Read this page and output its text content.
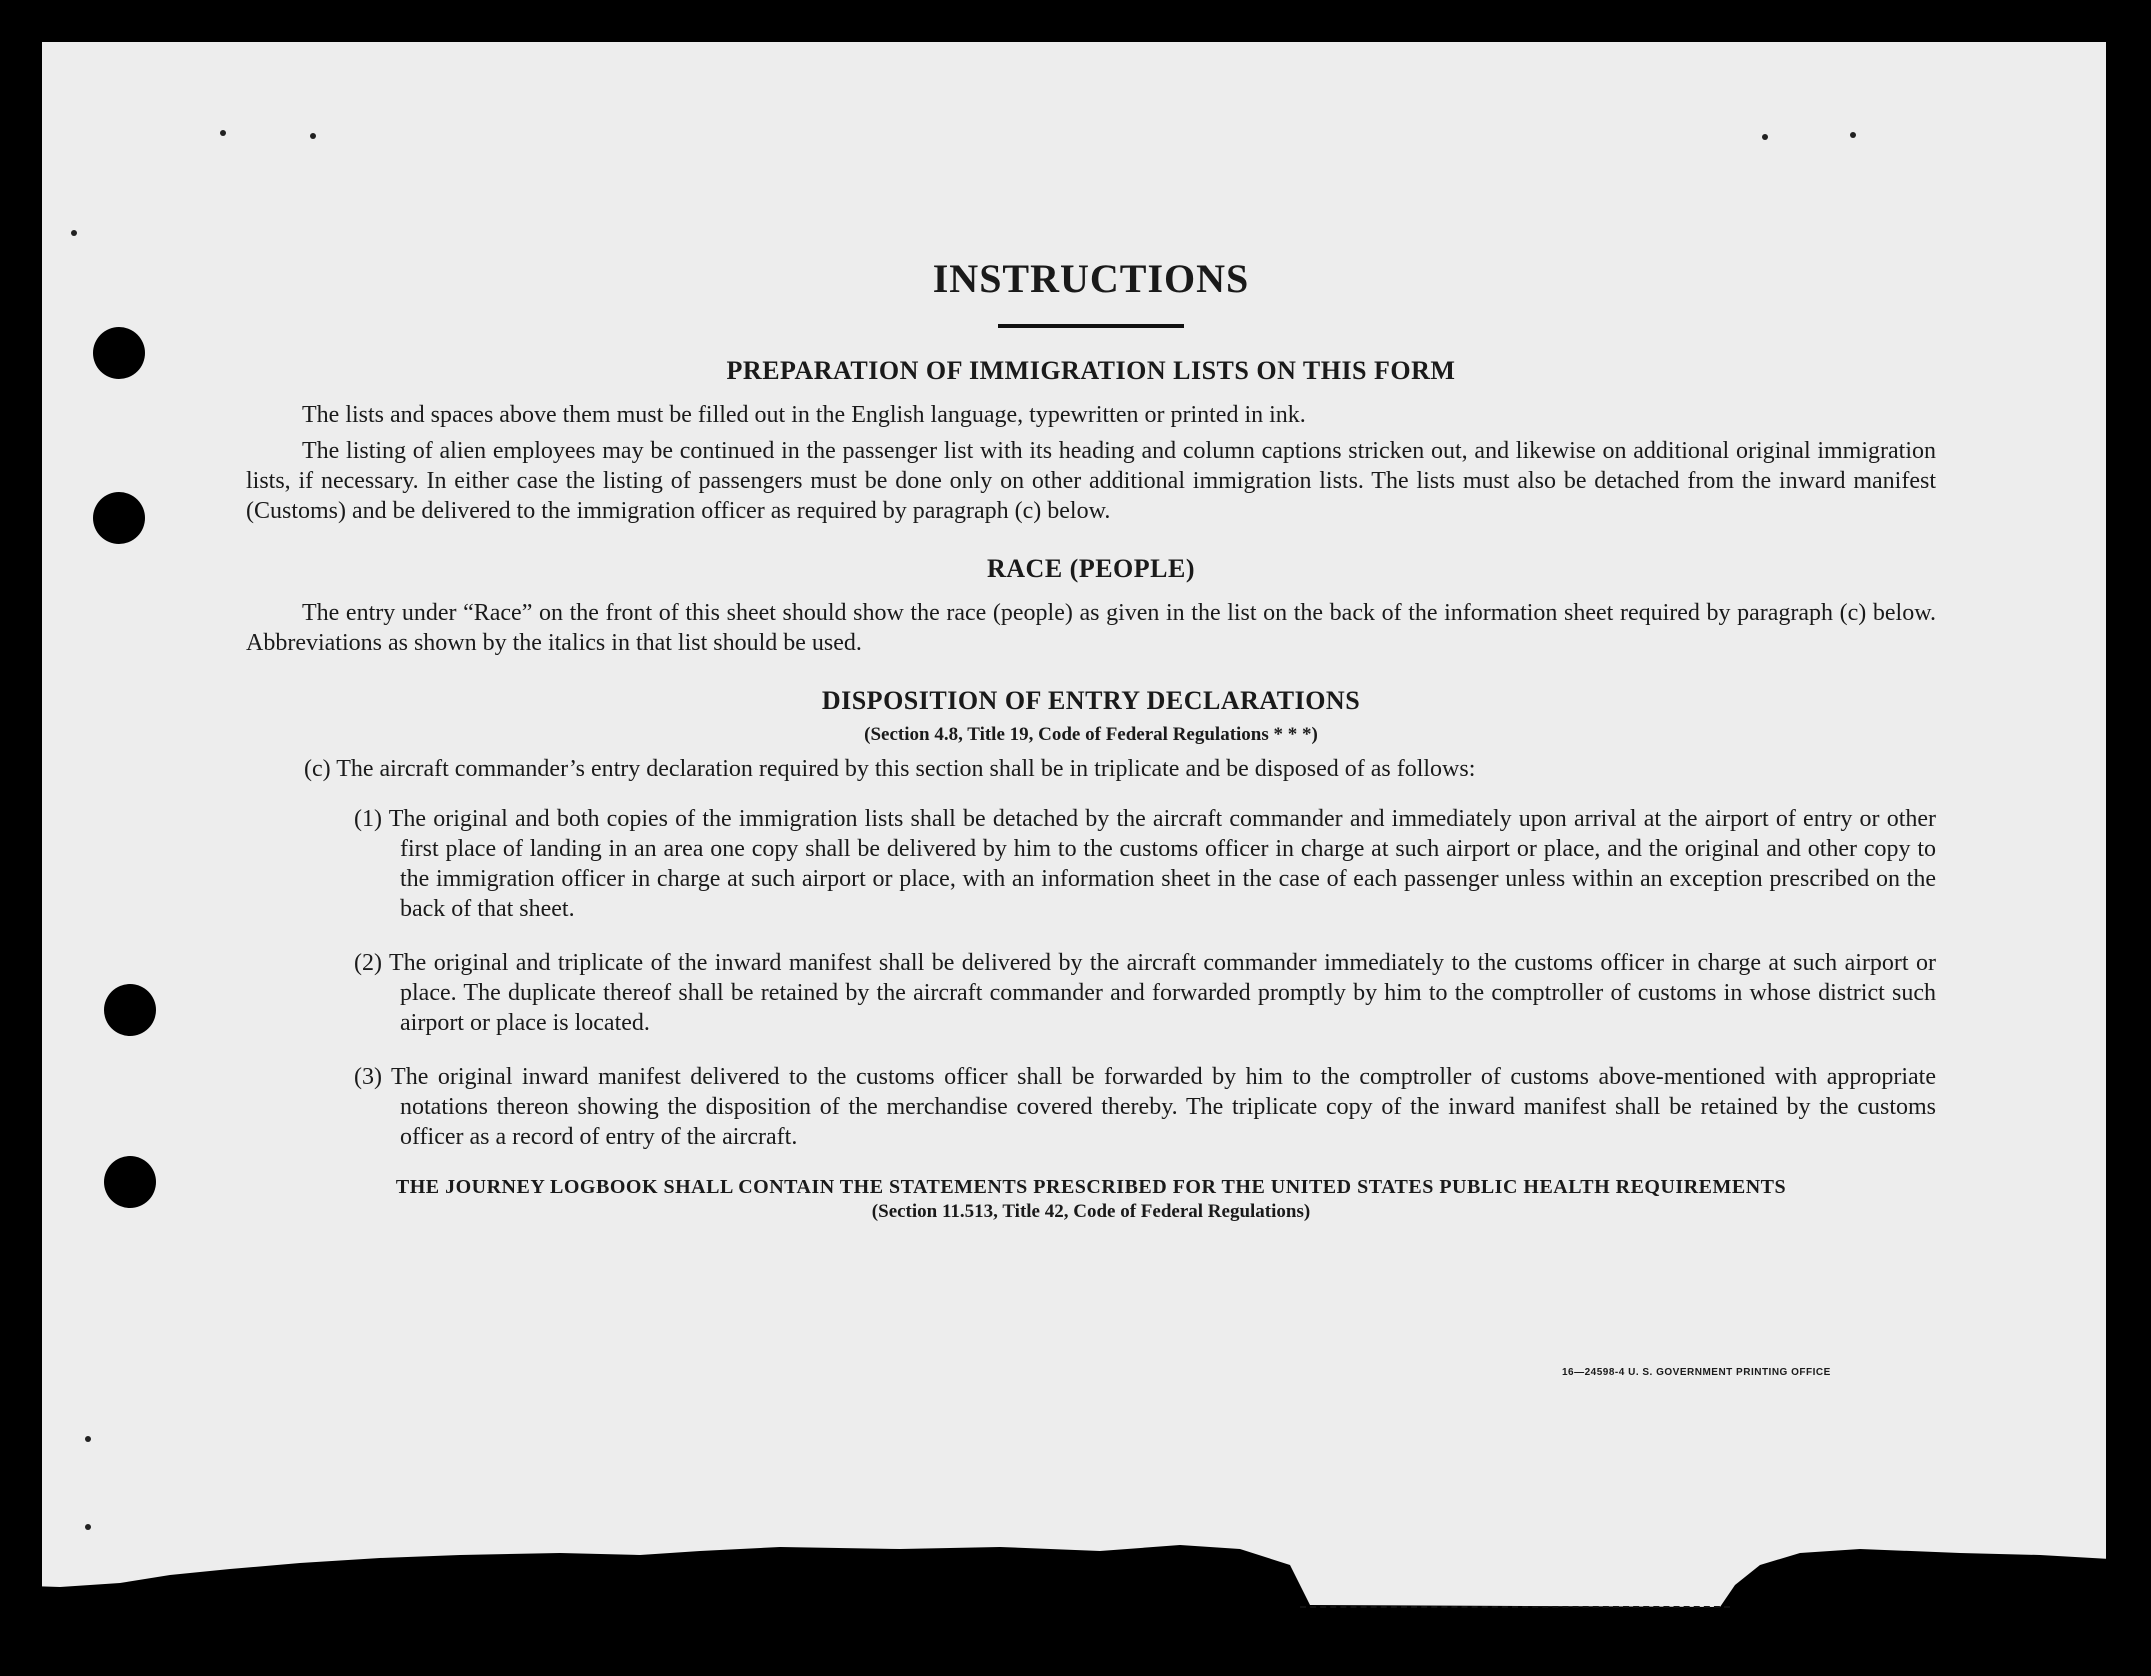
INSTRUCTIONS
PREPARATION OF IMMIGRATION LISTS ON THIS FORM

The lists and spaces above them must be filled out in the English language, typewritten or printed in ink.

The listing of alien employees may be continued in the passenger list with its heading and column captions stricken out, and likewise on additional original immigration lists, if necessary. In either case the listing of passengers must be done only on other additional immigration lists. The lists must also be detached from the inward manifest (Customs) and be delivered to the immigration officer as required by paragraph (c) below.

RACE (PEOPLE)

The entry under “Race” on the front of this sheet should show the race (people) as given in the list on the back of the information sheet required by paragraph (c) below. Abbreviations as shown by the italics in that list should be used.

DISPOSITION OF ENTRY DECLARATIONS

(Section 4.8, Title 19, Code of Federal Regulations * * *)

(c) The aircraft commander’s entry declaration required by this section shall be in triplicate and be disposed of as follows:

(1) The original and both copies of the immigration lists shall be detached by the aircraft commander and immediately upon arrival at the airport of entry or other first place of landing in an area one copy shall be delivered by him to the customs officer in charge at such airport or place, and the original and other copy to the immigration officer in charge at such airport or place, with an information sheet in the case of each passenger unless within an exception prescribed on the back of that sheet.

(2) The original and triplicate of the inward manifest shall be delivered by the aircraft commander immediately to the customs officer in charge at such airport or place. The duplicate thereof shall be retained by the aircraft commander and forwarded promptly by him to the comptroller of customs in whose district such airport or place is located.

(3) The original inward manifest delivered to the customs officer shall be forwarded by him to the comptroller of customs above-mentioned with appropriate notations thereon showing the disposition of the merchandise covered thereby. The triplicate copy of the inward manifest shall be retained by the customs officer as a record of entry of the aircraft.

THE JOURNEY LOGBOOK SHALL CONTAIN THE STATEMENTS PRESCRIBED FOR THE UNITED STATES PUBLIC HEALTH REQUIREMENTS

(Section 11.513, Title 42, Code of Federal Regulations)

16—24598-4 U. S. GOVERNMENT PRINTING OFFICE
